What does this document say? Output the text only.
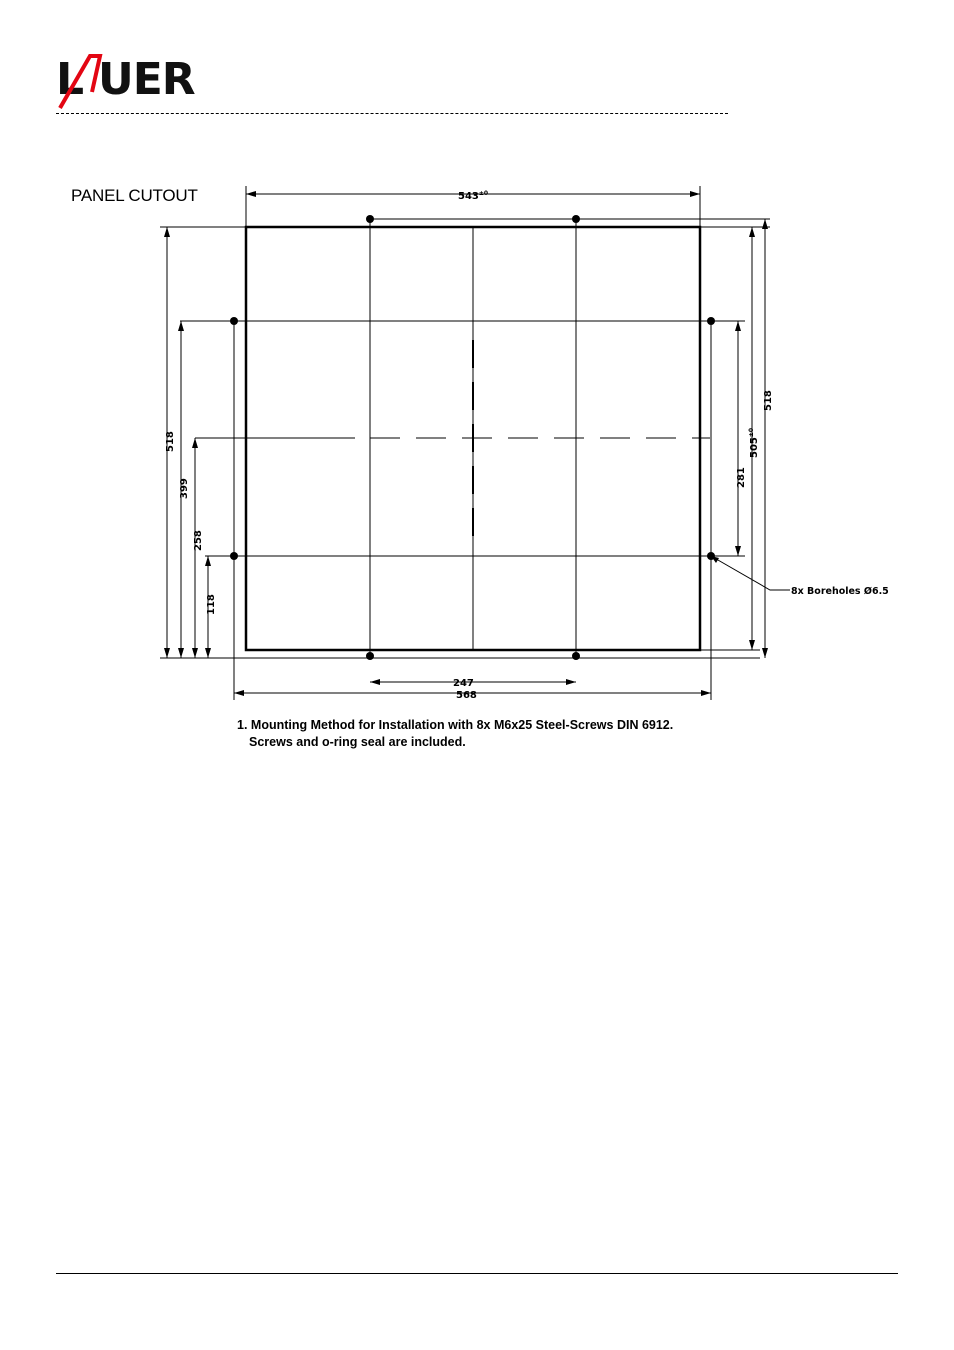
L UER
PANEL CUTOUT	$543^{\pm 0}$
247
568
518
399
258
118
281
$505^{\pm 0}$
518
8x Boreholes Ø6.5
1. Mounting Method for Installation with 8x M6x25 Steel-Screws DIN 6912.
Screws and o-ring seal are included.
